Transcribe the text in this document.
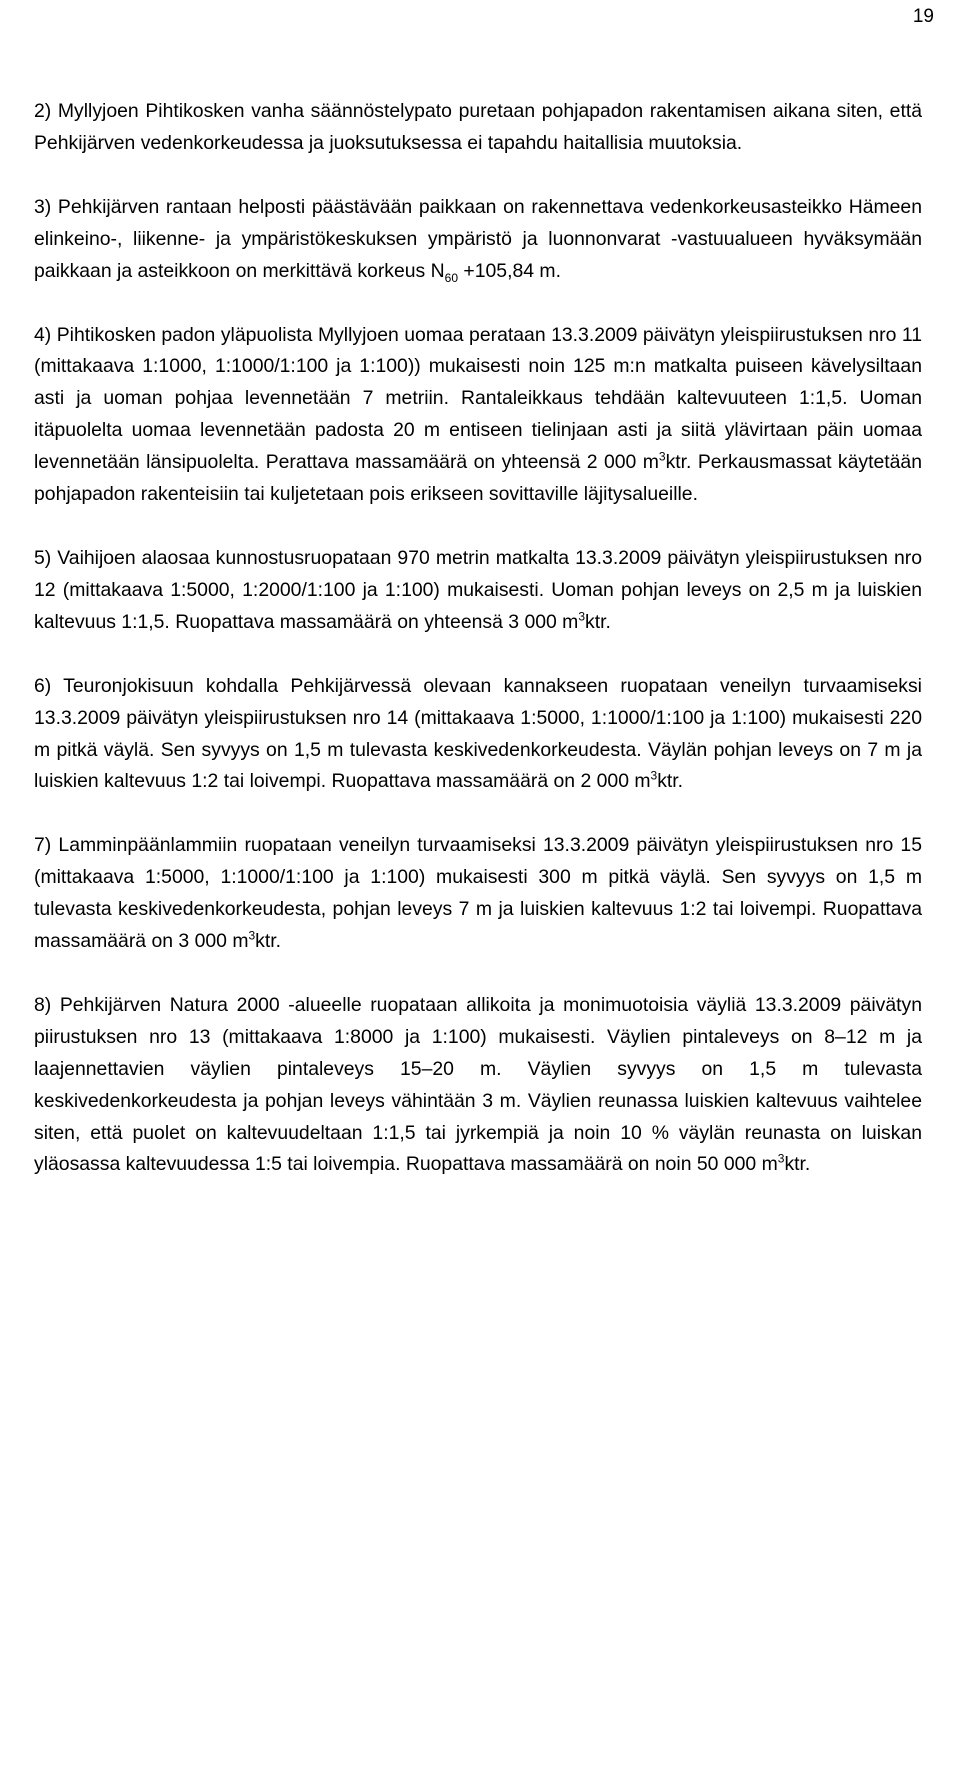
19

2) Myllyjoen Pihtikosken vanha säännöstelypato puretaan pohjapadon rakentamisen aikana siten, että Pehkijärven vedenkorkeudessa ja juoksutuksessa ei tapahdu haitallisia muutoksia.

3) Pehkijärven rantaan helposti päästävään paikkaan on rakennettava vedenkorkeusasteikko Hämeen elinkeino-, liikenne- ja ympäristökeskuksen ympäristö ja luonnonvarat -vastuualueen hyväksymään paikkaan ja asteikkoon on merkittävä korkeus $N_{60} +105,84$ m.

4) Pihtikosken padon yläpuolista Myllyjoen uomaa perataan 13.3.2009 päivätyn yleispiirustuksen nro 11 (mittakaava 1:1000, 1:1000/1:100 ja 1:100)) mukaisesti noin 125 m:n matkalta puiseen kävelysiltaan asti ja uoman pohjaa levennetään 7 metriin. Rantaleikkaus tehdään kaltevuuteen 1:1,5. Uoman itäpuolelta uomaa levennetään padosta 20 m entiseen tielinjaan asti ja siitä ylävirtaan päin uomaa levennetään länsipuolelta. Perattava massamäärä on yhteensä 2 000 $m^3ktr$. Perkausmassat käytetään pohjapadon rakenteisiin tai kuljetetaan pois erikseen sovittaville läjitysalueille.

5) Vaihijoen alaosaa kunnostusruopataan 970 metrin matkalta 13.3.2009 päivätyn yleispiirustuksen nro 12 (mittakaava 1:5000, 1:2000/1:100 ja 1:100) mukaisesti. Uoman pohjan leveys on 2,5 m ja luiskien kaltevuus 1:1,5. Ruopattava massamäärä on yhteensä 3 000 $m^3ktr$.

6) Teuronjokisuun kohdalla Pehkijärvessä olevaan kannakseen ruopataan veneilyn turvaamiseksi 13.3.2009 päivätyn yleispiirustuksen nro 14 (mittakaava 1:5000, 1:1000/1:100 ja 1:100) mukaisesti 220 m pitkä väylä. Sen syvyys on 1,5 m tulevasta keskivedenkorkeudesta. Väylän pohjan leveys on 7 m ja luiskien kaltevuus 1:2 tai loivempi. Ruopattava massamäärä on 2 000 $m^3ktr$.

7) Lamminpäänlammiin ruopataan veneilyn turvaamiseksi 13.3.2009 päivätyn yleispiirustuksen nro 15 (mittakaava 1:5000, 1:1000/1:100 ja 1:100) mukaisesti 300 m pitkä väylä. Sen syvyys on 1,5 m tulevasta keskivedenkorkeudesta, pohjan leveys 7 m ja luiskien kaltevuus 1:2 tai loivempi. Ruopattava massamäärä on 3 000 $m^3ktr$.

8) Pehkijärven Natura 2000 -alueelle ruopataan allikoita ja monimuotoisia väyliä 13.3.2009 päivätyn piirustuksen nro 13 (mittakaava 1:8000 ja 1:100) mukaisesti. Väylien pintaleveys on 8–12 m ja laajennettavien väylien pintaleveys 15–20 m. Väylien syvyys on 1,5 m tulevasta keskivedenkorkeudesta ja pohjan leveys vähintään 3 m. Väylien reunassa luiskien kaltevuus vaihtelee siten, että puolet on kaltevuudeltaan 1:1,5 tai jyrkempiä ja noin 10 % väylän reunasta on luiskan yläosassa kaltevuudessa 1:5 tai loivempia. Ruopattava massamäärä on noin 50 000 $m^3ktr$.
